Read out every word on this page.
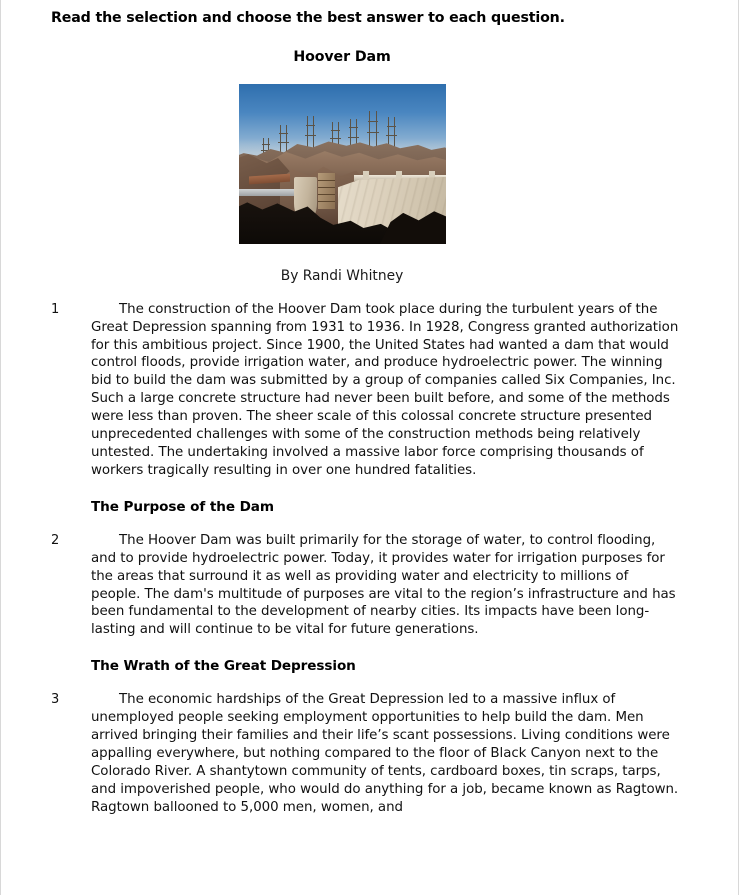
Read the selection and choose the best answer to each question.

Hoover Dam

By Randi Whitney

1	The construction of the Hoover Dam took place during the turbulent years of the Great Depression spanning from 1931 to 1936. In 1928, Congress granted authorization for this ambitious project. Since 1900, the United States had wanted a dam that would control floods, provide irrigation water, and produce hydroelectric power. The winning bid to build the dam was submitted by a group of companies called Six Companies, Inc. Such a large concrete structure had never been built before, and some of the methods were less than proven. The sheer scale of this colossal concrete structure presented unprecedented challenges with some of the construction methods being relatively untested. The undertaking involved a massive labor force comprising thousands of workers tragically resulting in over one hundred fatalities.
The Purpose of the Dam
2	The Hoover Dam was built primarily for the storage of water, to control flooding, and to provide hydroelectric power. Today, it provides water for irrigation purposes for the areas that surround it as well as providing water and electricity to millions of people. The dam's multitude of purposes are vital to the region’s infrastructure and has been fundamental to the development of nearby cities. Its impacts have been long-lasting and will continue to be vital for future generations.
The Wrath of the Great Depression
3	The economic hardships of the Great Depression led to a massive influx of unemployed people seeking employment opportunities to help build the dam. Men arrived bringing their families and their life’s scant possessions. Living conditions were appalling everywhere, but nothing compared to the floor of Black Canyon next to the Colorado River. A shantytown community of tents, cardboard boxes, tin scraps, tarps, and impoverished people, who would do anything for a job, became known as Ragtown. Ragtown ballooned to 5,000 men, women, and
